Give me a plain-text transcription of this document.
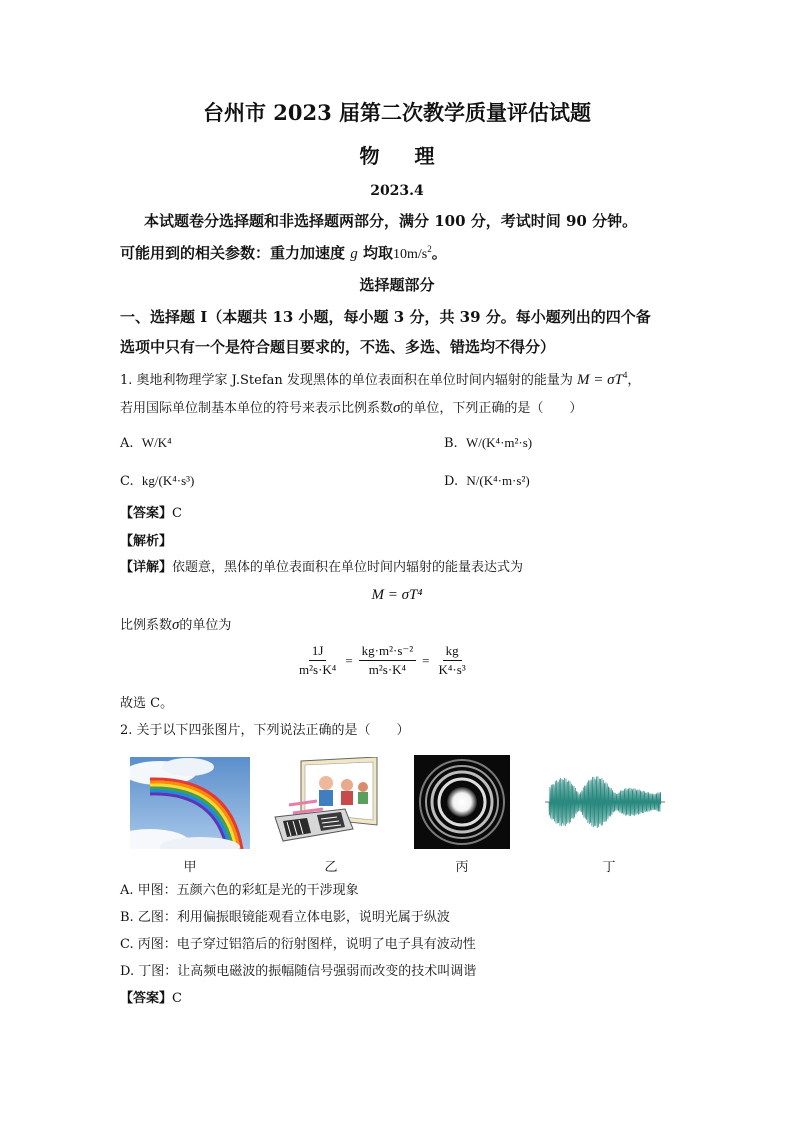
台州市 2023 届第二次教学质量评估试题
物 理
2023.4
本试题卷分选择题和非选择题两部分，满分 100 分，考试时间 90 分钟。
可能用到的相关参数：重力加速度 g 均取$10m/s^2$。
选择题部分
一、选择题 I（本题共 13 小题，每小题 3 分，共 39 分。每小题列出的四个备
选项中只有一个是符合题目要求的，不选、多选、错选均不得分）
1. 奥地利物理学家 J.Stefan 发现黑体的单位表面积在单位时间内辐射的能量为 $M = \sigma T^4$，
若用国际单位制基本单位的符号来表示比例系数σ的单位，下列正确的是（　　）
A. W/K⁴	B. W/(K⁴·m²·s)
C. kg/(K⁴·s³)	D. N/(K⁴·m·s²)
【答案】C
【解析】
【详解】依题意，黑体的单位表面积在单位时间内辐射的能量表达式为
M = σT⁴
比例系数σ的单位为
$\frac{1J}{\text{m²s·K⁴}} = \frac{\text{kg·m²·s⁻²}}{\text{m²s·K⁴}} = \frac{kg}{\text{K⁴·s³}}$
故选 C。
2. 关于以下四张图片，下列说法正确的是（　　）
甲	乙	丙	丁
A. 甲图：五颜六色的彩虹是光的干涉现象
B. 乙图：利用偏振眼镜能观看立体电影，说明光属于纵波
C. 丙图：电子穿过铝箔后的衍射图样，说明了电子具有波动性
D. 丁图：让高频电磁波的振幅随信号强弱而改变的技术叫调谐
【答案】C
